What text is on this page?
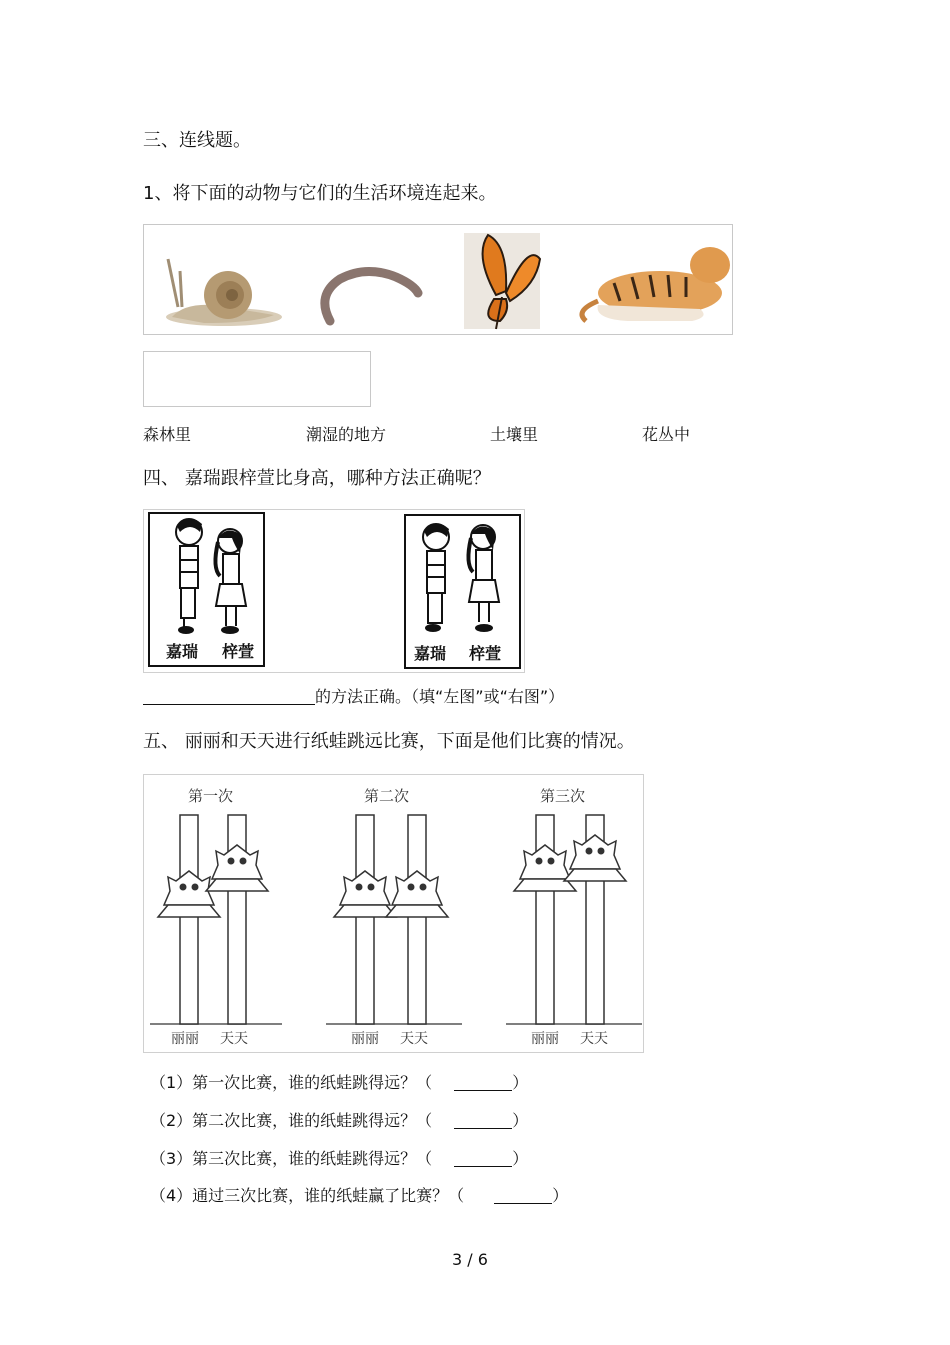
三、连线题。
1、将下面的动物与它们的生活环境连起来。
森林里	潮湿的地方	土壤里	花丛中
四、 嘉瑞跟梓萱比身高，哪种方法正确呢？
嘉瑞 梓萱	嘉瑞 梓萱
的方法正确。（填“左图”或“右图”）
五、 丽丽和天天进行纸蛙跳远比赛，下面是他们比赛的情况。
第一次	第二次	第三次
丽丽 天天	丽丽 天天	丽丽 天天
（1）第一次比赛，谁的纸蛙跳得远？（	）
（2）第二次比赛，谁的纸蛙跳得远？（	）
（3）第三次比赛，谁的纸蛙跳得远？（	）
（4）通过三次比赛，谁的纸蛙赢了比赛？（	）
3 / 6
